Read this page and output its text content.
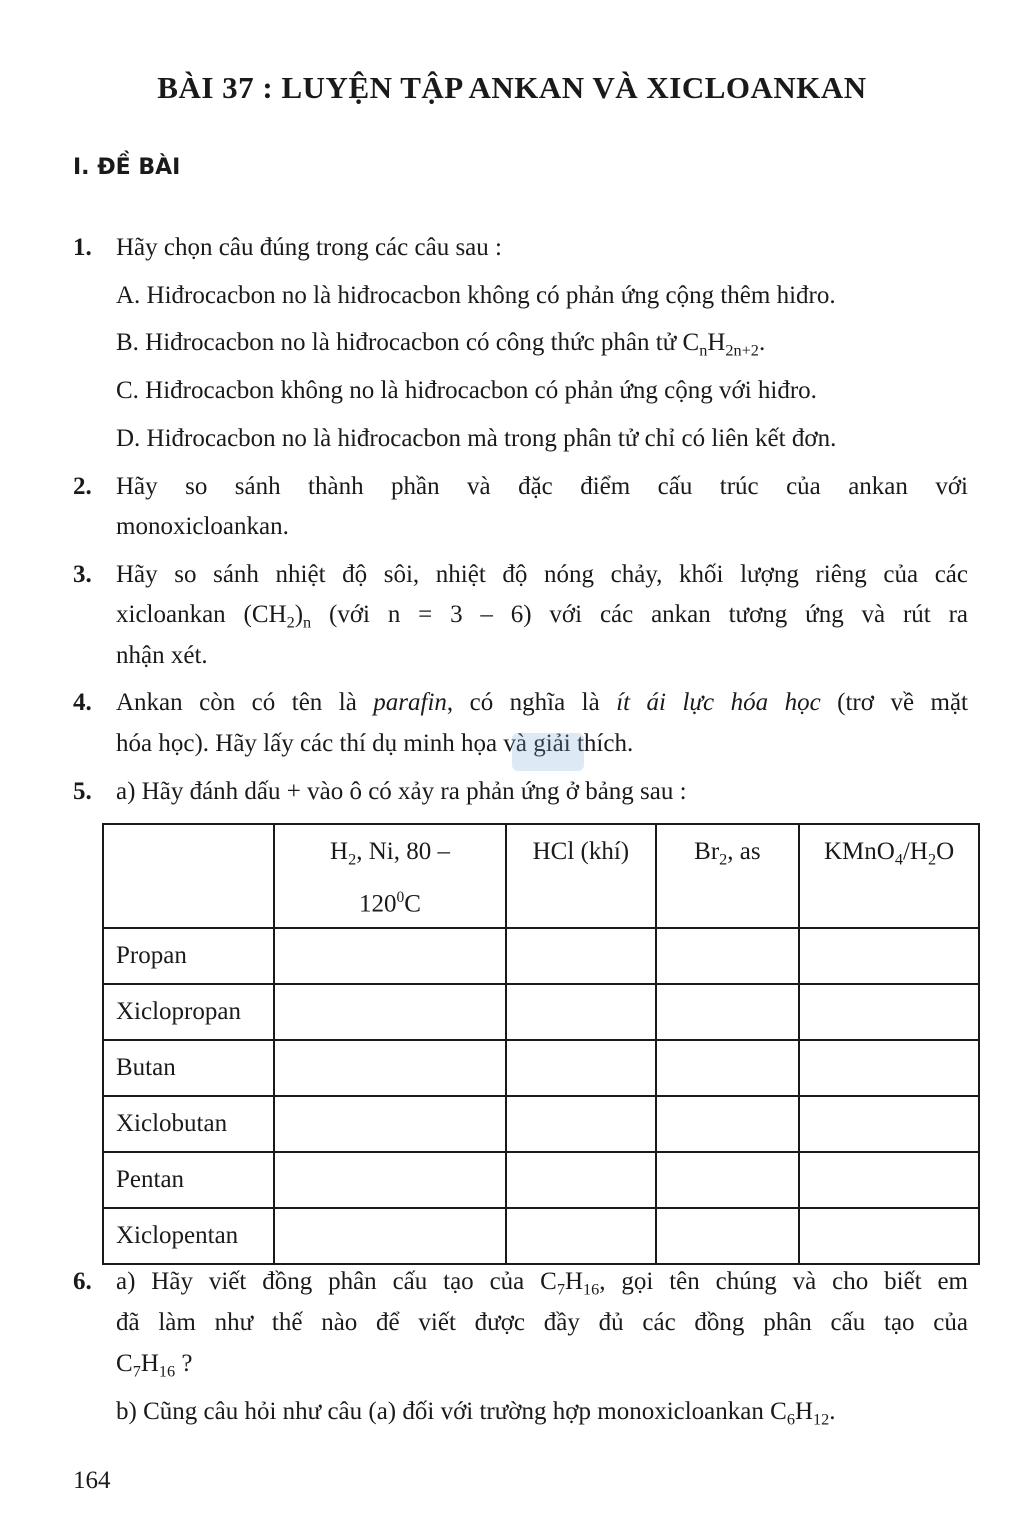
BÀI 37 : LUYỆN TẬP ANKAN VÀ XICLOANKAN
I. ĐỀ BÀI
1. Hãy chọn câu đúng trong các câu sau :
A. Hiđrocacbon no là hiđrocacbon không có phản ứng cộng thêm hiđro.
B. Hiđrocacbon no là hiđrocacbon có công thức phân tử $C_nH_{2n+2}$.
C. Hiđrocacbon không no là hiđrocacbon có phản ứng cộng với hiđro.
D. Hiđrocacbon no là hiđrocacbon mà trong phân tử chỉ có liên kết đơn.
2. Hãy so sánh thành phần và đặc điểm cấu trúc của ankan với
monoxicloankan.
3. Hãy so sánh nhiệt độ sôi, nhiệt độ nóng chảy, khối lượng riêng của các
xicloankan $(CH_2)_n$ (với n = 3 – 6) với các ankan tương ứng và rút ra
nhận xét.
4. Ankan còn có tên là parafin, có nghĩa là ít ái lực hóa học (trơ về mặt
hóa học). Hãy lấy các thí dụ minh họa và giải thích.
5. a) Hãy đánh dấu + vào ô có xảy ra phản ứng ở bảng sau :
	$H_2$, Ni, 80 –
$120^0C$	HCl (khí)	$Br_2$, as	$KMnO_4/H_2O$
Propan				
Xiclopropan				
Butan				
Xiclobutan				
Pentan				
Xiclopentan				
6. a) Hãy viết đồng phân cấu tạo của $C_7H_{16}$, gọi tên chúng và cho biết em
đã làm như thế nào để viết được đầy đủ các đồng phân cấu tạo của
$C_7H_{16}$ ?
b) Cũng câu hỏi như câu (a) đối với trường hợp monoxicloankan $C_6H_{12}$.
164
